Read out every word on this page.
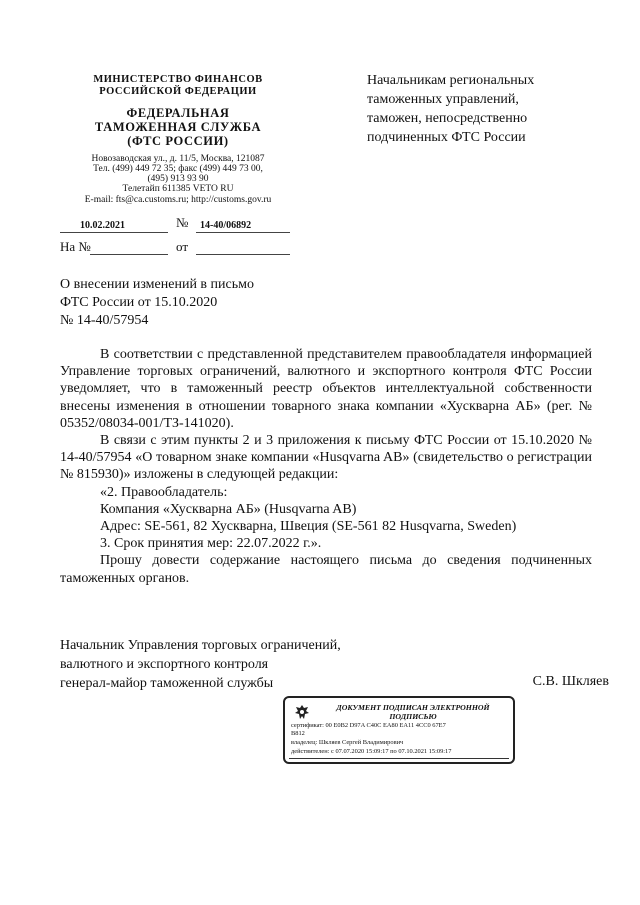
МИНИСТЕРСТВО ФИНАНСОВ
РОССИЙСКОЙ ФЕДЕРАЦИИ
ФЕДЕРАЛЬНАЯ
ТАМОЖЕННАЯ СЛУЖБА
(ФТС РОССИИ)
Новозаводская ул., д. 11/5, Москва, 121087
Тел. (499) 449 72 35; факс (499) 449 73 00,
(495) 913 93 90
Телетайп 611385 VETO RU
E-mail: fts@ca.customs.ru; http://customs.gov.ru
10.02.2021	№ 14-40/06892
На №	от
Начальникам региональных
таможенных управлений,
таможен, непосредственно
подчиненных ФТС России
О внесении изменений в письмо
ФТС России от 15.10.2020
№ 14-40/57954

В соответствии с представленной представителем правообладателя информацией Управление торговых ограничений, валютного и экспортного контроля ФТС России уведомляет, что в таможенный реестр объектов интеллектуальной собственности внесены изменения в отношении товарного знака компании «Хускварна АБ» (рег. № 05352/08034-001/ТЗ-141020).

В связи с этим пункты 2 и 3 приложения к письму ФТС России от 15.10.2020 № 14-40/57954 «О товарном знаке компании «Husqvarna AB» (свидетельство о регистрации № 815930)» изложены в следующей редакции:

«2. Правообладатель:

Компания «Хускварна АБ» (Husqvarna AB)

Адрес: SE-561, 82 Хускварна, Швеция (SE-561 82 Husqvarna, Sweden)

3. Срок принятия мер: 22.07.2022 г.».

Прошу довести содержание настоящего письма до сведения подчиненных таможенных органов.

Начальник Управления торговых ограничений,
валютного и экспортного контроля
генерал-майор таможенной службы	С.В. Шкляев
ДОКУМЕНТ ПОДПИСАН ЭЛЕКТРОННОЙ
ПОДПИСЬЮ
сертификат: 00 E0B2 D97A C40C EA80 EA11 4CC0 67E7
B812
владелец: Шкляев Сергей Владимирович
действителен: с 07.07.2020 15:09:17 по 07.10.2021 15:09:17
